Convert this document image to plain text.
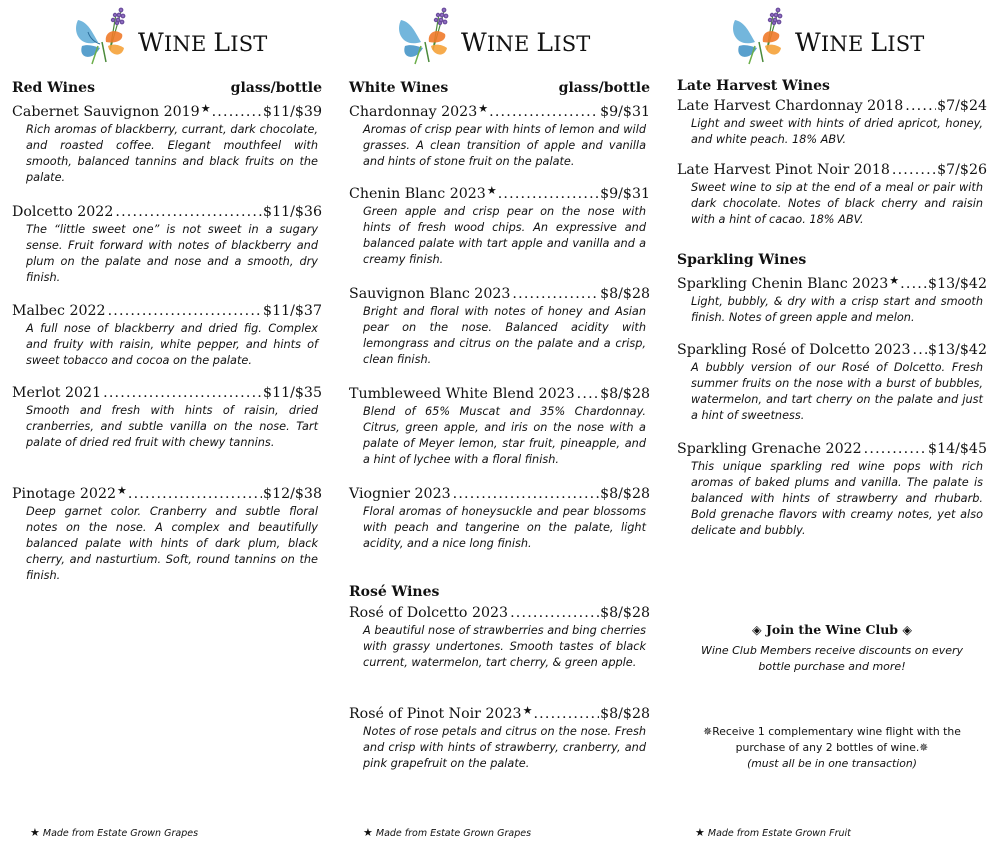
WINE LIST
Red Wines	glass/bottle
Cabernet Sauvignon 2019 ★ .....	$11/$39
Rich aromas of blackberry, currant, dark chocolate, and roasted coffee. Elegant mouthfeel with smooth, balanced tannins and black fruits on the palate.
Dolcetto 2022 .....	$11/$36
The “little sweet one” is not sweet in a sugary sense. Fruit forward with notes of blackberry and plum on the palate and nose and a smooth, dry finish.
Malbec 2022 .....	$11/$37
A full nose of blackberry and dried fig. Complex and fruity with raisin, white pepper, and hints of sweet tobacco and cocoa on the palate.
Merlot 2021 .....	$11/$35
Smooth and fresh with hints of raisin, dried cranberries, and subtle vanilla on the nose. Tart palate of dried red fruit with chewy tannins.
Pinotage 2022 ★ .....	$12/$38
Deep garnet color. Cranberry and subtle floral notes on the nose. A complex and beautifully balanced palate with hints of dark plum, black cherry, and nasturtium. Soft, round tannins on the finish.
★ Made from Estate Grown Grapes
WINE LIST
White Wines	glass/bottle
Chardonnay 2023 ★ .....	$9/$31
Aromas of crisp pear with hints of lemon and wild grasses. A clean transition of apple and vanilla and hints of stone fruit on the palate.
Chenin Blanc 2023 ★ .....	$9/$31
Green apple and crisp pear on the nose with hints of fresh wood chips. An expressive and balanced palate with tart apple and vanilla and a creamy finish.
Sauvignon Blanc 2023 .....	$8/$28
Bright and floral with notes of honey and Asian pear on the nose. Balanced acidity with lemongrass and citrus on the palate and a crisp, clean finish.
Tumbleweed White Blend 2023 ..... $8/$28
Blend of 65% Muscat and 35% Chardonnay. Citrus, green apple, and iris on the nose with a palate of Meyer lemon, star fruit, pineapple, and a hint of lychee with a floral finish.
Viognier 2023 .....	$8/$28
Floral aromas of honeysuckle and pear blossoms with peach and tangerine on the palate, light acidity, and a nice long finish.
Rosé Wines
Rosé of Dolcetto 2023 .....	$8/$28
A beautiful nose of strawberries and bing cherries with grassy undertones. Smooth tastes of black current, watermelon, tart cherry, & green apple.
Rosé of Pinot Noir 2023 ★ .....	$8/$28
Notes of rose petals and citrus on the nose. Fresh and crisp with hints of strawberry, cranberry, and pink grapefruit on the palate.
★ Made from Estate Grown Grapes
WINE LIST
Late Harvest Wines
Late Harvest Chardonnay 2018 ..... $7/$24
Light and sweet with hints of dried apricot, honey, and white peach. 18% ABV.
Late Harvest Pinot Noir 2018 .....	$7/$26
Sweet wine to sip at the end of a meal or pair with dark chocolate. Notes of black cherry and raisin with a hint of cacao. 18% ABV.
Sparkling Wines
Sparkling Chenin Blanc 2023 ★ ..... $13/$42
Light, bubbly, & dry with a crisp start and smooth finish. Notes of green apple and melon.
Sparkling Rosé of Dolcetto 2023 ..... $13/$42
A bubbly version of our Rosé of Dolcetto. Fresh summer fruits on the nose with a burst of bubbles, watermelon, and tart cherry on the palate and just a hint of sweetness.
Sparkling Grenache 2022 .....	$14/$45
This unique sparkling red wine pops with rich aromas of baked plums and vanilla. The palate is balanced with hints of strawberry and rhubarb. Bold grenache flavors with creamy notes, yet also delicate and bubbly.
◈ Join the Wine Club ◈
Wine Club Members receive discounts on every bottle purchase and more!
✵Receive 1 complementary wine flight with the purchase of any 2 bottles of wine.✵
(must all be in one transaction)
★ Made from Estate Grown Fruit
